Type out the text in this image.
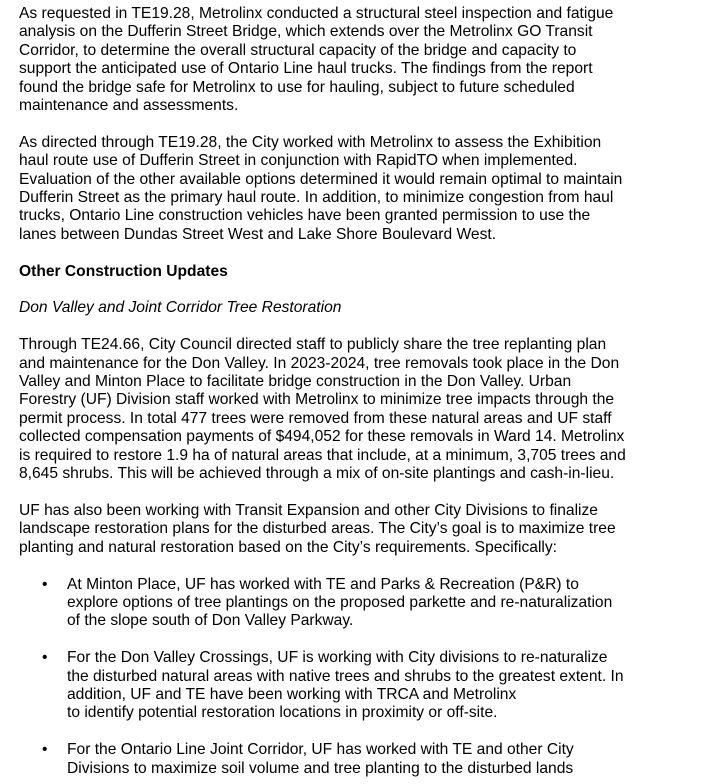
As requested in TE19.28, Metrolinx conducted a structural steel inspection and fatigue
analysis on the Dufferin Street Bridge, which extends over the Metrolinx GO Transit
Corridor, to determine the overall structural capacity of the bridge and capacity to
support the anticipated use of Ontario Line haul trucks. The findings from the report
found the bridge safe for Metrolinx to use for hauling, subject to future scheduled
maintenance and assessments.

As directed through TE19.28, the City worked with Metrolinx to assess the Exhibition
haul route use of Dufferin Street in conjunction with RapidTO when implemented.
Evaluation of the other available options determined it would remain optimal to maintain
Dufferin Street as the primary haul route. In addition, to minimize congestion from haul
trucks, Ontario Line construction vehicles have been granted permission to use the
lanes between Dundas Street West and Lake Shore Boulevard West.

Other Construction Updates

Don Valley and Joint Corridor Tree Restoration

Through TE24.66, City Council directed staff to publicly share the tree replanting plan
and maintenance for the Don Valley. In 2023-2024, tree removals took place in the Don
Valley and Minton Place to facilitate bridge construction in the Don Valley. Urban
Forestry (UF) Division staff worked with Metrolinx to minimize tree impacts through the
permit process. In total 477 trees were removed from these natural areas and UF staff
collected compensation payments of $494,052 for these removals in Ward 14. Metrolinx
is required to restore 1.9 ha of natural areas that include, at a minimum, 3,705 trees and
8,645 shrubs. This will be achieved through a mix of on-site plantings and cash-in-lieu.

UF has also been working with Transit Expansion and other City Divisions to finalize
landscape restoration plans for the disturbed areas. The City’s goal is to maximize tree
planting and natural restoration based on the City’s requirements. Specifically:

• At Minton Place, UF has worked with TE and Parks & Recreation (P&R) to
explore options of tree plantings on the proposed parkette and re-naturalization
of the slope south of Don Valley Parkway.
• For the Don Valley Crossings, UF is working with City divisions to re-naturalize
the disturbed natural areas with native trees and shrubs to the greatest extent. In
addition, UF and TE have been working with TRCA and Metrolinx
to identify potential restoration locations in proximity or off-site.
• For the Ontario Line Joint Corridor, UF has worked with TE and other City
Divisions to maximize soil volume and tree planting to the disturbed lands
